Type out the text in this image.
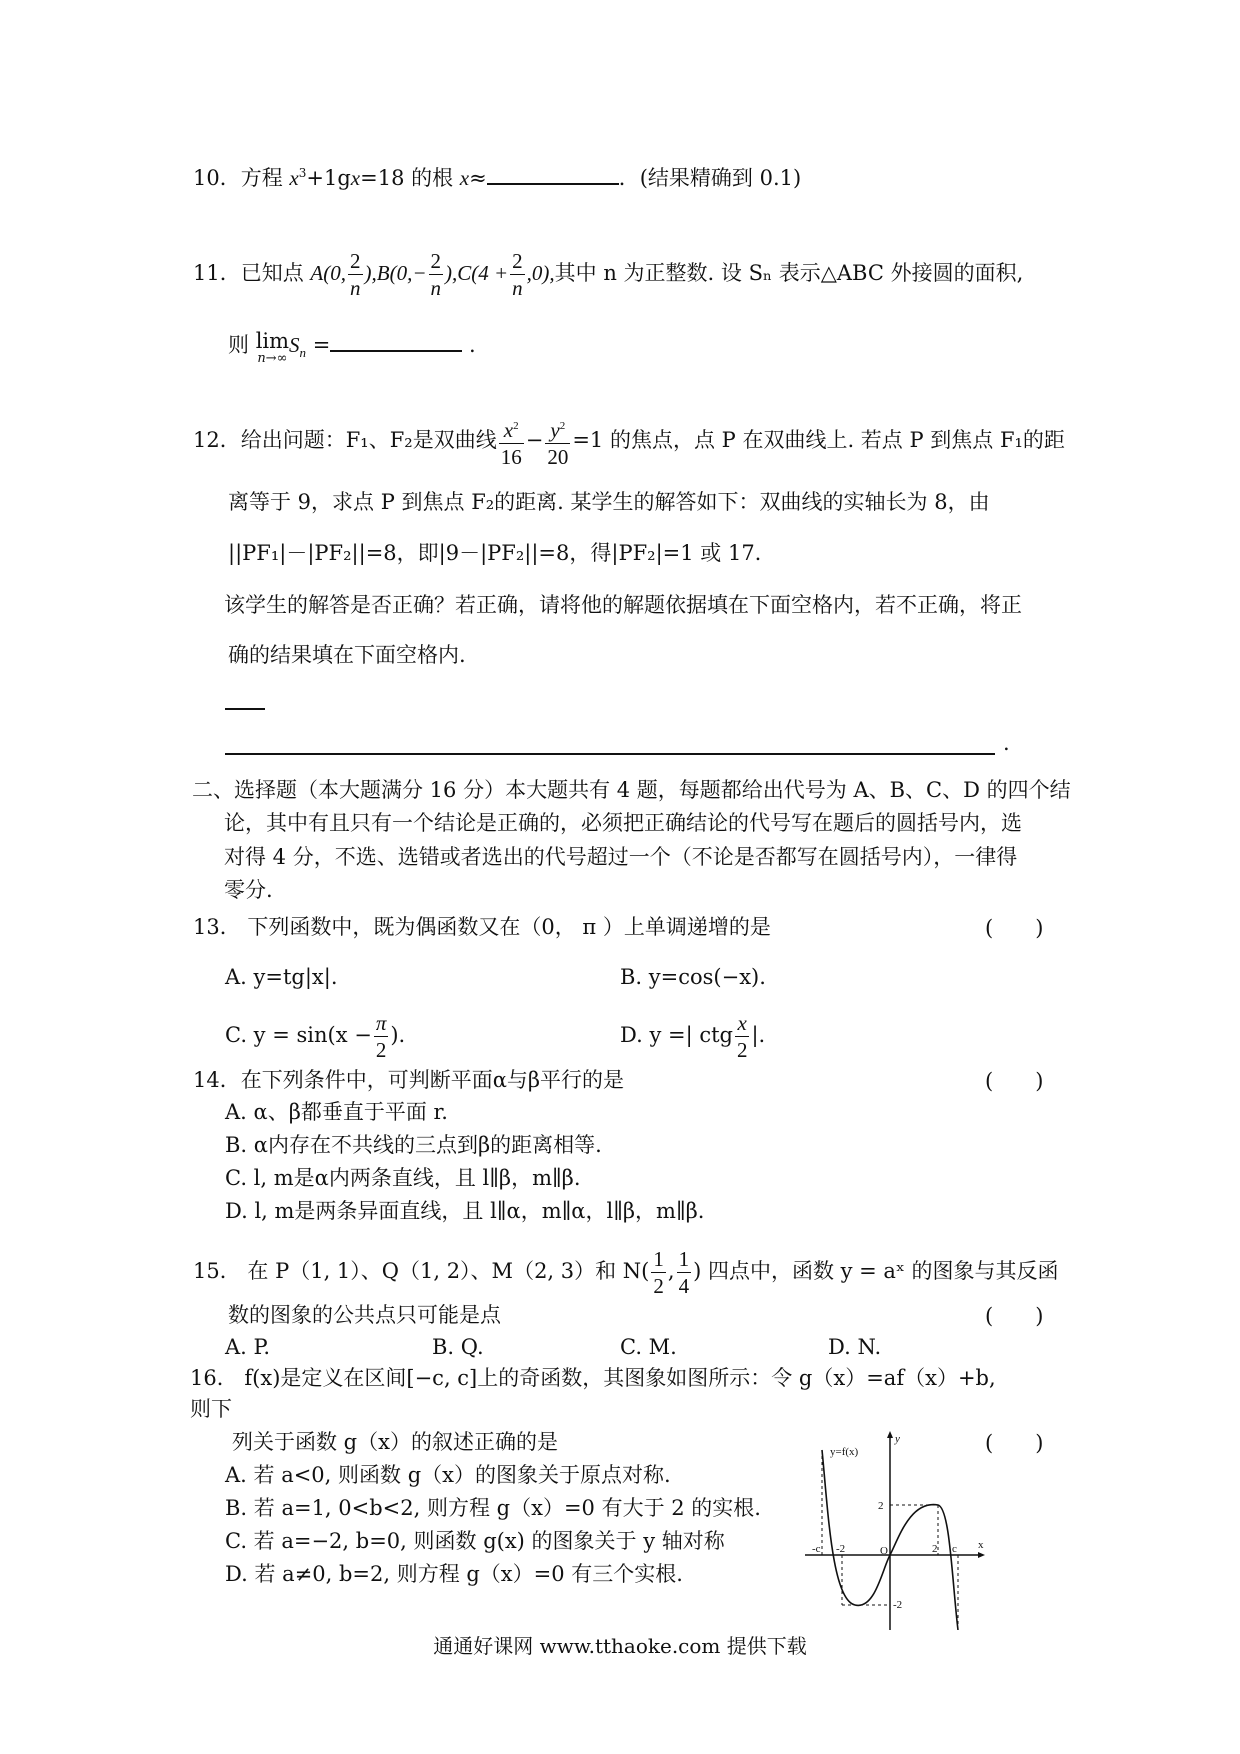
10．方程 $x^3+1gx=18$ 的根 x≈	．(结果精确到 0.1)
11．已知点 A(0, $\frac{2}{n} ),B(0,- \frac{2}{n} ),C(4 + \frac{2}{n} ,0)$,其中 n 为正整数. 设 Sₙ 表示△ABC 外接圆的面积,
则 lim
n→∞
$S_n$ =	.
12．给出问题：F₁、F₂是双曲线 $\frac{x^2}{16} - \frac{y^2}{20} =1$ 的焦点，点 P 在双曲线上. 若点 P 到焦点 F₁的距
离等于 9，求点 P 到焦点 F₂的距离. 某学生的解答如下：双曲线的实轴长为 8，由
||PF₁|－|PF₂||=8，即|9－|PF₂||=8，得|PF₂|=1 或 17.
该学生的解答是否正确？若正确，请将他的解题依据填在下面空格内，若不正确，将正
确的结果填在下面空格内.
.
二、选择题（本大题满分 16 分）本大题共有 4 题，每题都给出代号为 A、B、C、D 的四个结
论，其中有且只有一个结论是正确的，必须把正确结论的代号写在题后的圆括号内，选
对得 4 分，不选、选错或者选出的代号超过一个（不论是否都写在圆括号内），一律得
零分.
13． 下列函数中，既为偶函数又在（0， π ）上单调递增的是	(　　)
A. y=tg|x|.	B. y=cos(−x).
C. $y = \sin(x - \frac{\pi}{2}$ ).	D. y =| ctg $\frac{x}{2}$ |.
14．在下列条件中，可判断平面α与β平行的是	(　　)
A. α、β都垂直于平面 r.
B. α内存在不共线的三点到β的距离相等.
C. l, m是α内两条直线，且 l∥β，m∥β.
D. l, m是两条异面直线，且 l∥α，m∥α，l∥β，m∥β.
15． 在 P（1, 1）、Q（1, 2）、M（2, 3）和 $N( \frac{1}{2}$ , $\frac{1}{4}$ ) 四点中，函数 y = aˣ 的图象与其反函
数的图象的公共点只可能是点	(　　)
A. P.	B. Q.	C. M.	D. N.
16． f(x)是定义在区间[−c, c]上的奇函数，其图象如图所示：令 g（x）=af（x）+b,
则下
列关于函数 g（x）的叙述正确的是	(　　)
A. 若 a<0, 则函数 g（x）的图象关于原点对称.
B. 若 a=1, 0<b<2, 则方程 g（x）=0 有大于 2 的实根.
C. 若 a=−2, b=0, 则函数 g(x) 的图象关于 y 轴对称
D. 若 a≠0, b=2, 则方程 g（x）=0 有三个实根.
y=f(x)
y
x
O
2
-2
-c -2	2 c
通通好课网 www.tthaoke.com 提供下载
